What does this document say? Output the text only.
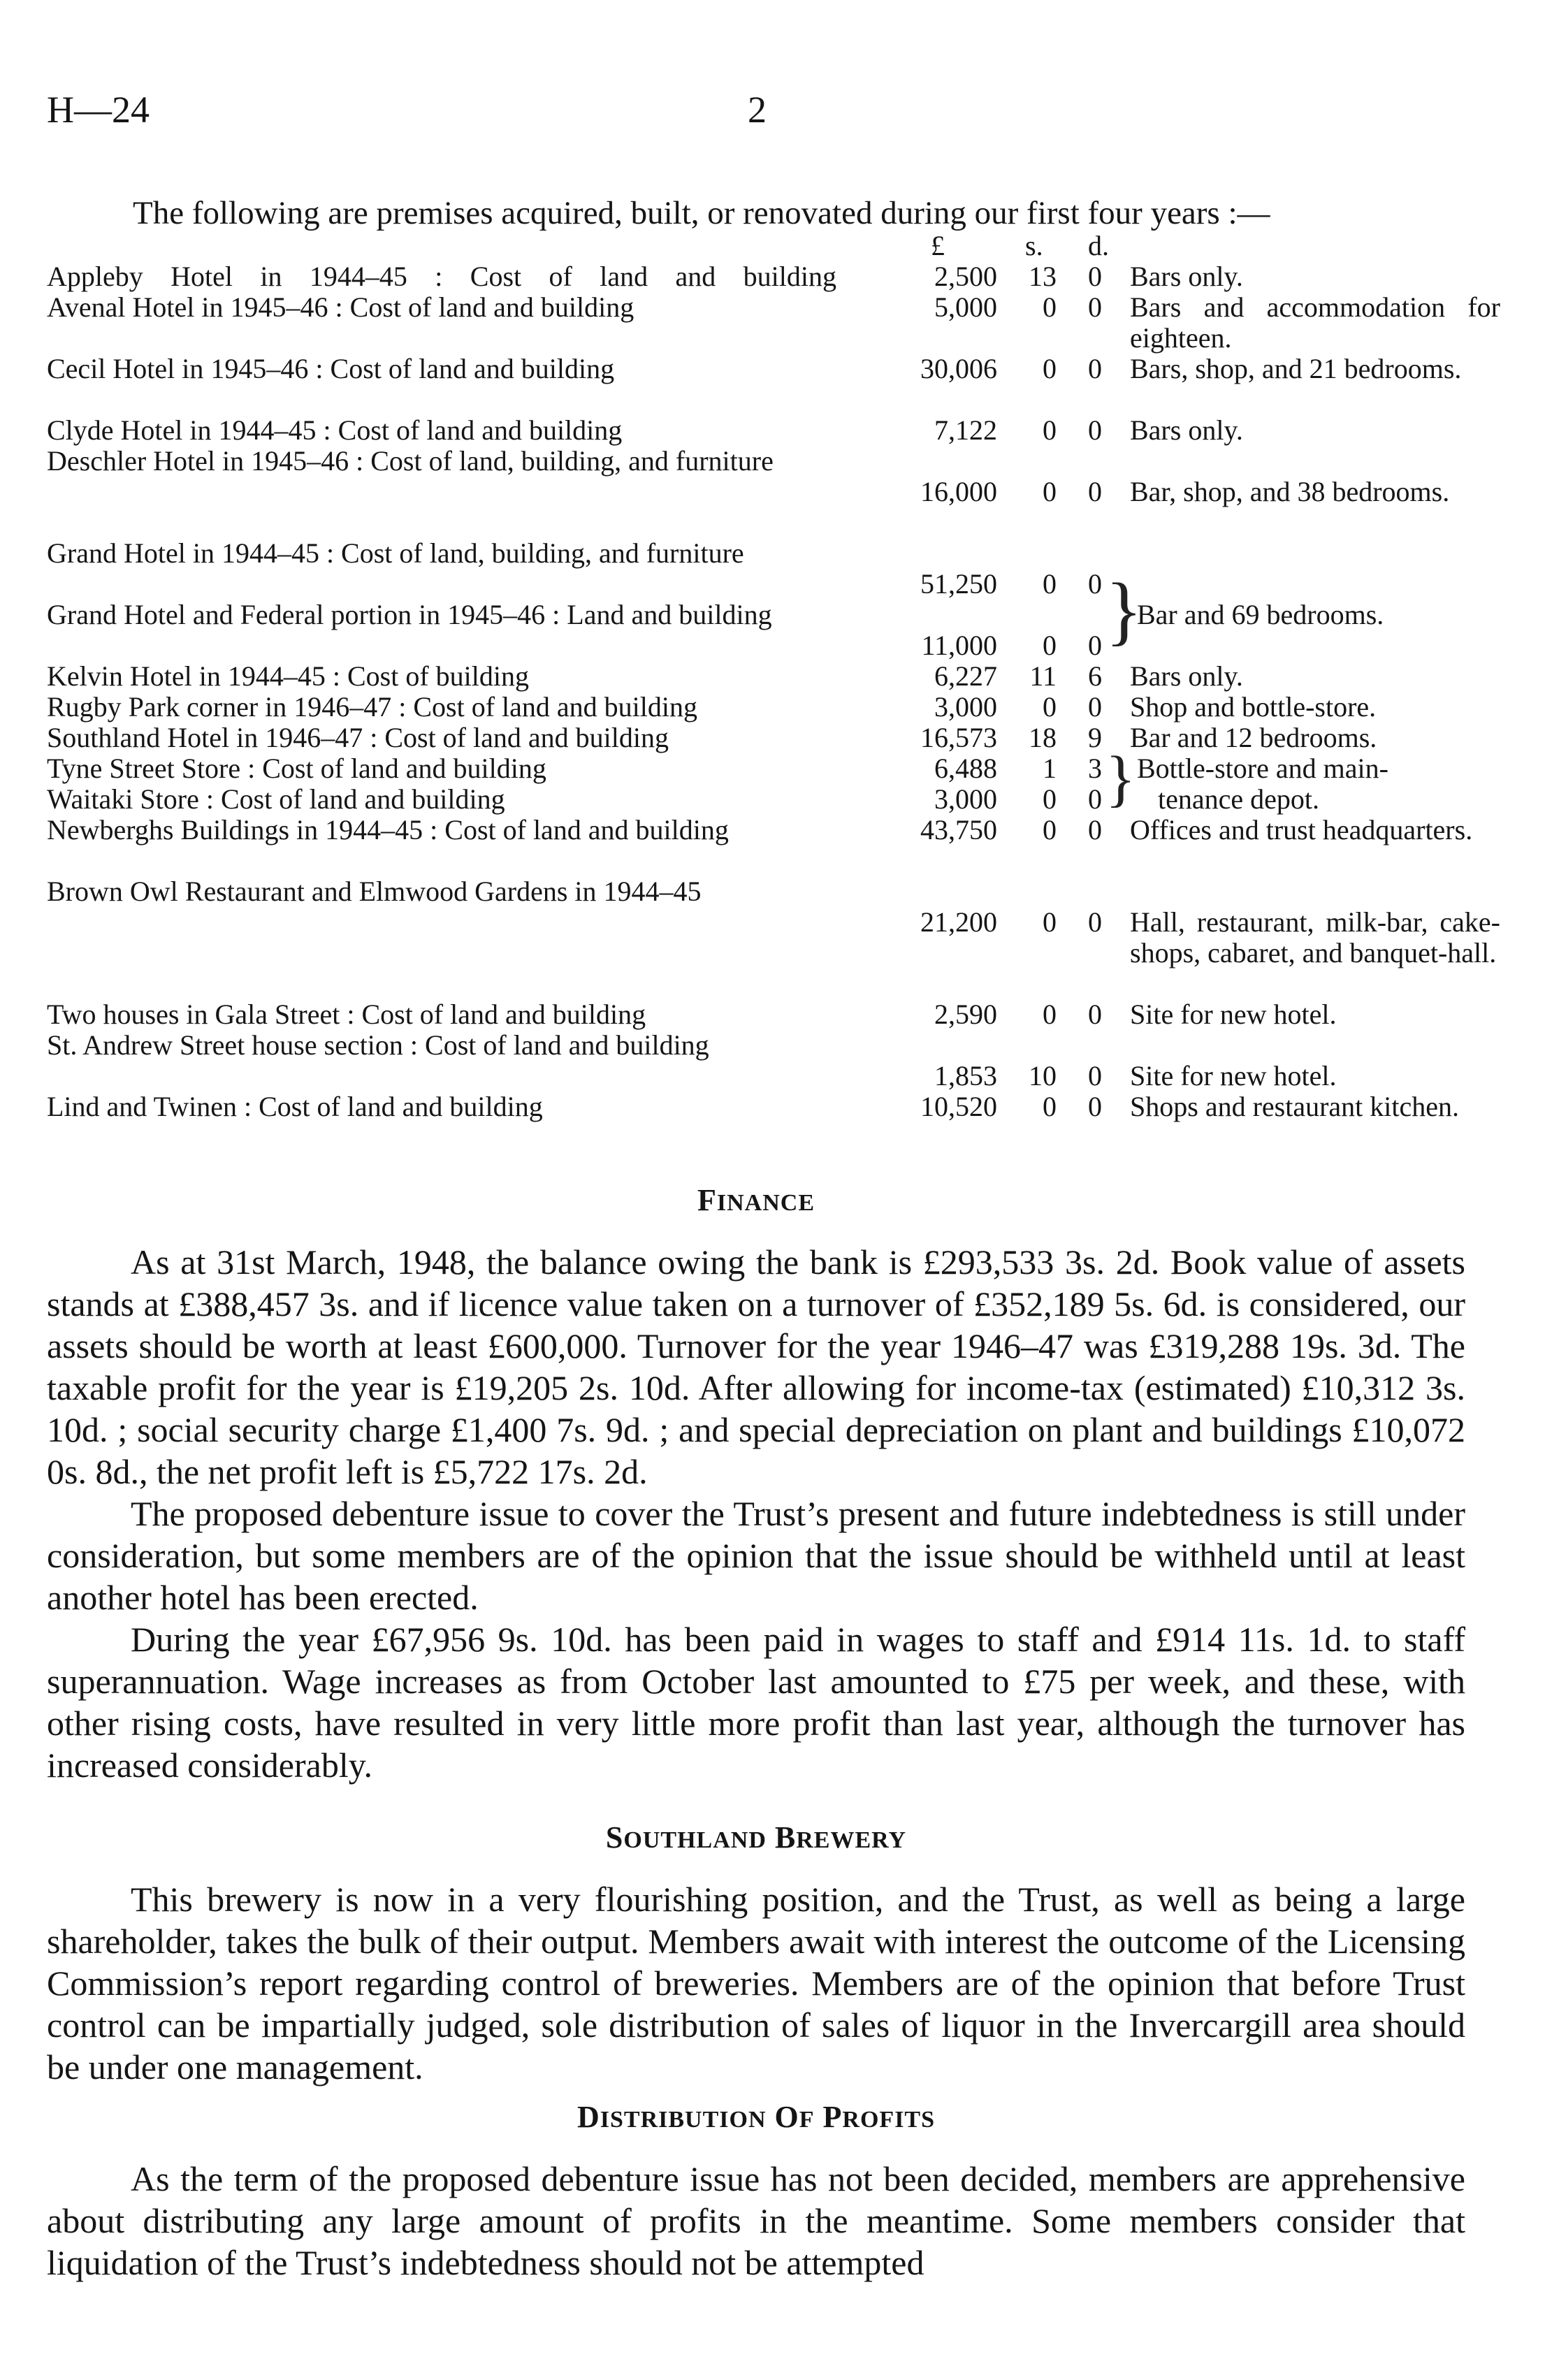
H—24	2
The following are premises acquired, built, or renovated during our first four years :—
£	s. d.
Appleby Hotel in 1944–45 : Cost of land and building	2,500	13	0 Bars only.
Avenal Hotel in 1945–46 : Cost of land and building	5,000	0	0 Bars and accommodation for eighteen.
Cecil Hotel in 1945–46 : Cost of land and building	30,006	0	0 Bars, shop, and 21 bedrooms.
Clyde Hotel in 1944–45 : Cost of land and building	7,122	0	0 Bars only.
Deschler Hotel in 1945–46 : Cost of land, building, and furniture
16,000	0	0 Bar, shop, and 38 bedrooms.
Grand Hotel in 1944–45 : Cost of land, building, and furniture
51,250	0	0
Grand Hotel and Federal portion in 1945–46 : Land and building
11,000	0	0 }
Bar and 69 bedrooms.
Kelvin Hotel in 1944–45 : Cost of building	6,227	11	6 Bars only.
Rugby Park corner in 1946–47 : Cost of land and building	3,000	0	0 Shop and bottle-store.
Southland Hotel in 1946–47 : Cost of land and building	16,573	18	9 Bar and 12 bedrooms.
Tyne Street Store : Cost of land and building	6,488	1	3 } Bottle-store and main-
Waitaki Store : Cost of land and building	3,000	0	0 tenance depot.
Newberghs Buildings in 1944–45 : Cost of land and building	43,750	0	0 Offices and trust headquarters.
Brown Owl Restaurant and Elmwood Gardens in 1944–45
21,200	0	0 Hall, restaurant, milk-bar, cake-shops, cabaret, and banquet-hall.
Two houses in Gala Street : Cost of land and building	2,590	0	0 Site for new hotel.
St. Andrew Street house section : Cost of land and building
1,853	10	0 Site for new hotel.
Lind and Twinen : Cost of land and building	10,520	0	0 Shops and restaurant kitchen.
FINANCE

As at 31st March, 1948, the balance owing the bank is £293,533 3s. 2d. Book value of assets stands at £388,457 3s. and if licence value taken on a turnover of £352,189 5s. 6d. is considered, our assets should be worth at least £600,000. Turnover for the year 1946–47 was £319,288 19s. 3d. The taxable profit for the year is £19,205 2s. 10d. After allowing for income-tax (estimated) £10,312 3s. 10d. ; social security charge £1,400 7s. 9d. ; and special depreciation on plant and buildings £10,072 0s. 8d., the net profit left is £5,722 17s. 2d.

The proposed debenture issue to cover the Trust’s present and future indebtedness is still under consideration, but some members are of the opinion that the issue should be withheld until at least another hotel has been erected.

During the year £67,956 9s. 10d. has been paid in wages to staff and £914 11s. 1d. to staff superannuation. Wage increases as from October last amounted to £75 per week, and these, with other rising costs, have resulted in very little more profit than last year, although the turnover has increased considerably.

SOUTHLAND BREWERY

This brewery is now in a very flourishing position, and the Trust, as well as being a large shareholder, takes the bulk of their output. Members await with interest the outcome of the Licensing Commission’s report regarding control of breweries. Members are of the opinion that before Trust control can be impartially judged, sole distribution of sales of liquor in the Invercargill area should be under one management.

DISTRIBUTION OF PROFITS

As the term of the proposed debenture issue has not been decided, members are apprehensive about distributing any large amount of profits in the meantime. Some members consider that liquidation of the Trust’s indebtedness should not be attempted
